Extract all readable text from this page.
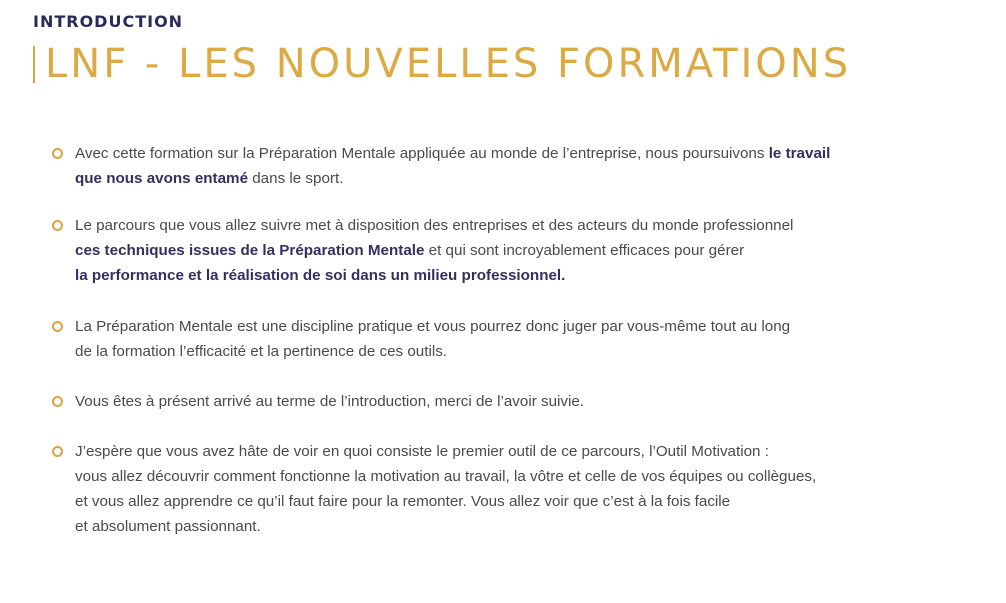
INTRODUCTION
LNF - LES NOUVELLES FORMATIONS
Avec cette formation sur la Préparation Mentale appliquée au monde de l’entreprise, nous poursuivons le travail
que nous avons entamé dans le sport.
Le parcours que vous allez suivre met à disposition des entreprises et des acteurs du monde professionnel
ces techniques issues de la Préparation Mentale et qui sont incroyablement efficaces pour gérer
la performance et la réalisation de soi dans un milieu professionnel.
La Préparation Mentale est une discipline pratique et vous pourrez donc juger par vous-même tout au long
de la formation l’efficacité et la pertinence de ces outils.
Vous êtes à présent arrivé au terme de l’introduction, merci de l’avoir suivie.
J’espère que vous avez hâte de voir en quoi consiste le premier outil de ce parcours, l’Outil Motivation :
vous allez découvrir comment fonctionne la motivation au travail, la vôtre et celle de vos équipes ou collègues,
et vous allez apprendre ce qu’il faut faire pour la remonter. Vous allez voir que c’est à la fois facile
et absolument passionnant.
